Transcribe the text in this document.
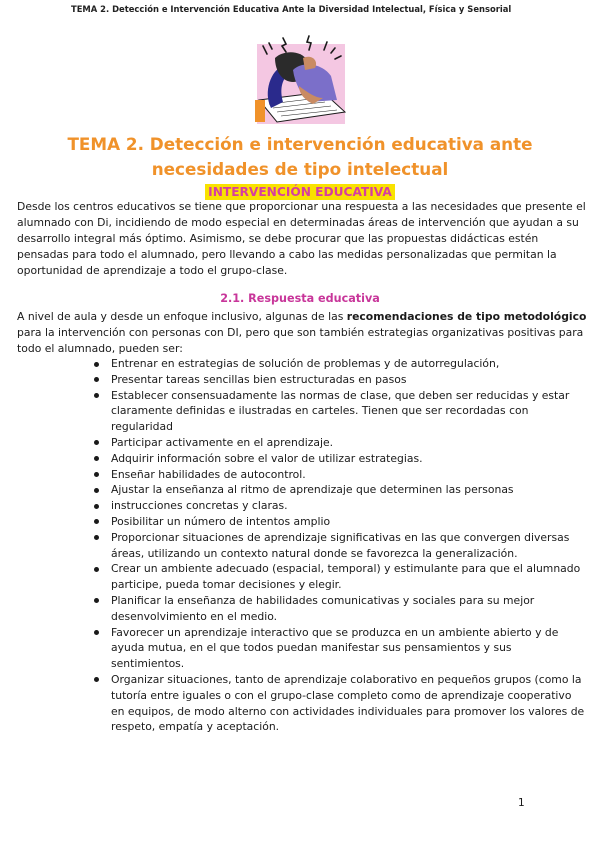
TEMA 2. Detección e Intervención Educativa Ante la Diversidad Intelectual, Física y Sensorial
TEMA 2. Detección e intervención educativa ante
necesidades de tipo intelectual
INTERVENCIÓN EDUCATIVA

Desde los centros educativos se tiene que proporcionar una respuesta a las necesidades que presente el alumnado con Di, incidiendo de modo especial en determinadas áreas de intervención que ayudan a su desarrollo integral más óptimo. Asimismo, se debe procurar que las propuestas didácticas estén pensadas para todo el alumnado, pero llevando a cabo las medidas personalizadas que permitan la oportunidad de aprendizaje a todo el grupo-clase.

2.1. Respuesta educativa

A nivel de aula y desde un enfoque inclusivo, algunas de las recomendaciones de tipo metodológico para la intervención con personas con DI, pero que son también estrategias organizativas positivas para todo el alumnado, pueden ser:

Entrenar en estrategias de solución de problemas y de autorregulación,
Presentar tareas sencillas bien estructuradas en pasos
Establecer consensuadamente las normas de clase, que deben ser reducidas y estar claramente definidas e ilustradas en carteles. Tienen que ser recordadas con regularidad
Participar activamente en el aprendizaje.
Adquirir información sobre el valor de utilizar estrategias.
Enseñar habilidades de autocontrol.
Ajustar la enseñanza al ritmo de aprendizaje que determinen las personas
instrucciones concretas y claras.
Posibilitar un número de intentos amplio
Proporcionar situaciones de aprendizaje significativas en las que convergen diversas áreas, utilizando un contexto natural donde se favorezca la generalización.
Crear un ambiente adecuado (espacial, temporal) y estimulante para que el alumnado participe, pueda tomar decisiones y elegir.
Planificar la enseñanza de habilidades comunicativas y sociales para su mejor desenvolvimiento en el medio.
Favorecer un aprendizaje interactivo que se produzca en un ambiente abierto y de ayuda mutua, en el que todos puedan manifestar sus pensamientos y sus sentimientos.
Organizar situaciones, tanto de aprendizaje colaborativo en pequeños grupos (como la tutoría entre iguales o con el grupo-clase completo como de aprendizaje cooperativo en equipos, de modo alterno con actividades individuales para promover los valores de respeto, empatía y aceptación.
1
